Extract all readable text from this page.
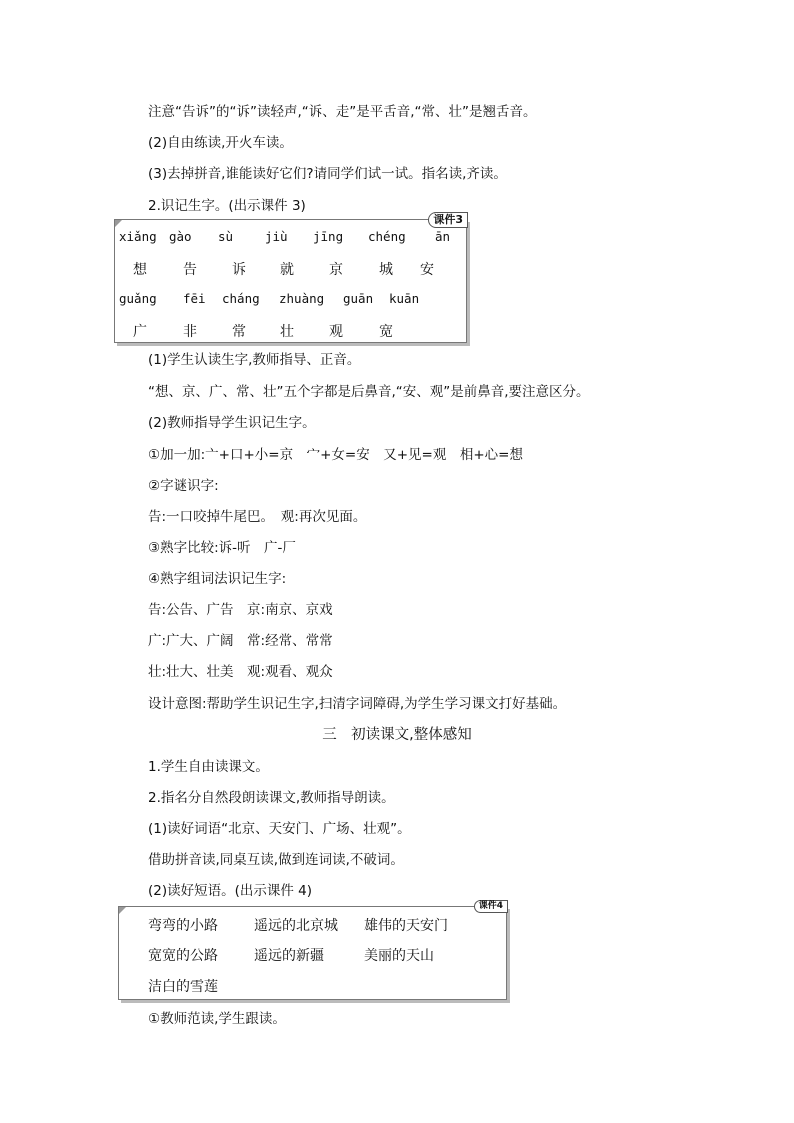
注意“告诉”的“诉”读轻声,“诉、走”是平舌音,“常、壮”是翘舌音。
(2)自由练读,开火车读。
(3)去掉拼音,谁能读好它们?请同学们试一试。指名读,齐读。
2.识记生字。(出示课件 3)
课件3
xiǎng gào sù	jiù jīng chéng ān
想	告	诉 就	京	城 安
guǎng fēi cháng zhuàng guān kuān
广	非	常 壮	观	宽
(1)学生认读生字,教师指导、正音。
“想、京、广、常、壮”五个字都是后鼻音,“安、观”是前鼻音,要注意区分。
(2)教师指导学生识记生字。
①加一加:亠+口+小=京　宀+女=安　又+见=观　相+心=想
②字谜识字:
告:一口咬掉牛尾巴。　观:再次见面。
③熟字比较:诉-听　广-厂
④熟字组词法识记生字:
告:公告、广告　京:南京、京戏
广:广大、广阔　常:经常、常常
壮:壮大、壮美　观:观看、观众
设计意图:帮助学生识记生字,扫清字词障碍,为学生学习课文打好基础。
三　初读课文,整体感知
1.学生自由读课文。
2.指名分自然段朗读课文,教师指导朗读。
(1)读好词语“北京、天安门、广场、壮观”。
借助拼音读,同桌互读,做到连词读,不破词。
(2)读好短语。(出示课件 4)
课件4
弯弯的小路	遥远的北京城 雄伟的天安门
宽宽的公路	遥远的新疆	美丽的天山
洁白的雪莲
①教师范读,学生跟读。
